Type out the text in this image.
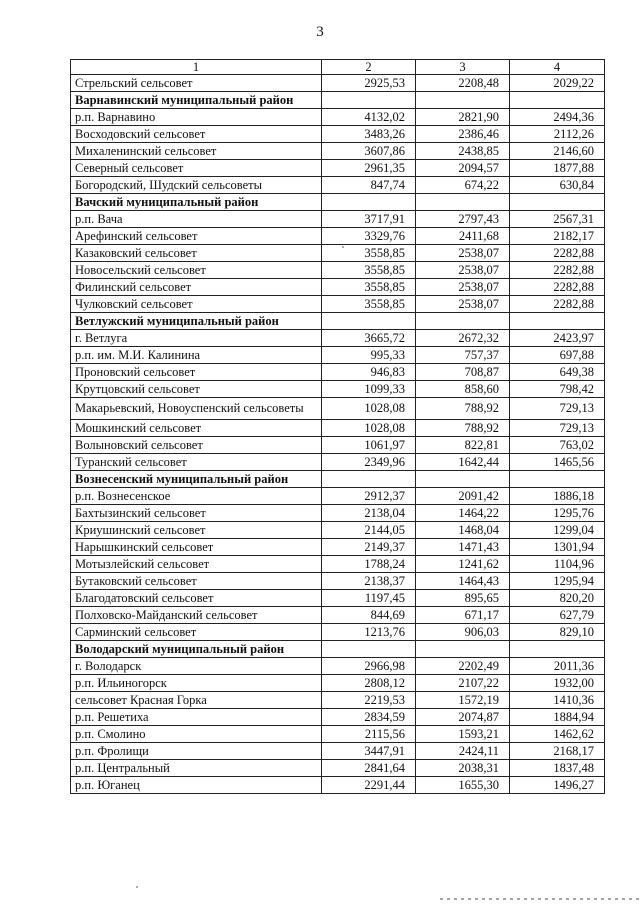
3
1	2	3	4
Стрельский сельсовет	2925,53	2208,48	2029,22
Варнавинский муниципальный район			
р.п. Варнавино	4132,02	2821,90	2494,36
Восходовский сельсовет	3483,26	2386,46	2112,26
Михаленинский сельсовет	3607,86	2438,85	2146,60
Северный сельсовет	2961,35	2094,57	1877,88
Богородский, Шудский сельсоветы	847,74	674,22	630,84
Вачский муниципальный район			
р.п. Вача	3717,91	2797,43	2567,31
Арефинский сельсовет	3329,76	2411,68	2182,17
Казаковский сельсовет	3558,85	2538,07	2282,88
Новосельский сельсовет	3558,85	2538,07	2282,88
Филинский сельсовет	3558,85	2538,07	2282,88
Чулковский сельсовет	3558,85	2538,07	2282,88
Ветлужский муниципальный район			
г. Ветлуга	3665,72	2672,32	2423,97
р.п. им. М.И. Калинина	995,33	757,37	697,88
Проновский сельсовет	946,83	708,87	649,38
Крутцовский сельсовет	1099,33	858,60	798,42
Макарьевский, Новоуспенский сельсоветы	1028,08	788,92	729,13
Мошкинский сельсовет	1028,08	788,92	729,13
Волыновский сельсовет	1061,97	822,81	763,02
Туранский сельсовет	2349,96	1642,44	1465,56
Вознесенский муниципальный район			
р.п. Вознесенское	2912,37	2091,42	1886,18
Бахтызинский сельсовет	2138,04	1464,22	1295,76
Криушинский сельсовет	2144,05	1468,04	1299,04
Нарышкинский сельсовет	2149,37	1471,43	1301,94
Мотызлейский сельсовет	1788,24	1241,62	1104,96
Бутаковский сельсовет	2138,37	1464,43	1295,94
Благодатовский сельсовет	1197,45	895,65	820,20
Полховско-Майданский сельсовет	844,69	671,17	627,79
Сарминский сельсовет	1213,76	906,03	829,10
Володарский муниципальный район			
г. Володарск	2966,98	2202,49	2011,36
р.п. Ильиногорск	2808,12	2107,22	1932,00
сельсовет Красная Горка	2219,53	1572,19	1410,36
р.п. Решетиха	2834,59	2074,87	1884,94
р.п. Смолино	2115,56	1593,21	1462,62
р.п. Фролищи	3447,91	2424,11	2168,17
р.п. Центральный	2841,64	2038,31	1837,48
р.п. Юганец	2291,44	1655,30	1496,27
